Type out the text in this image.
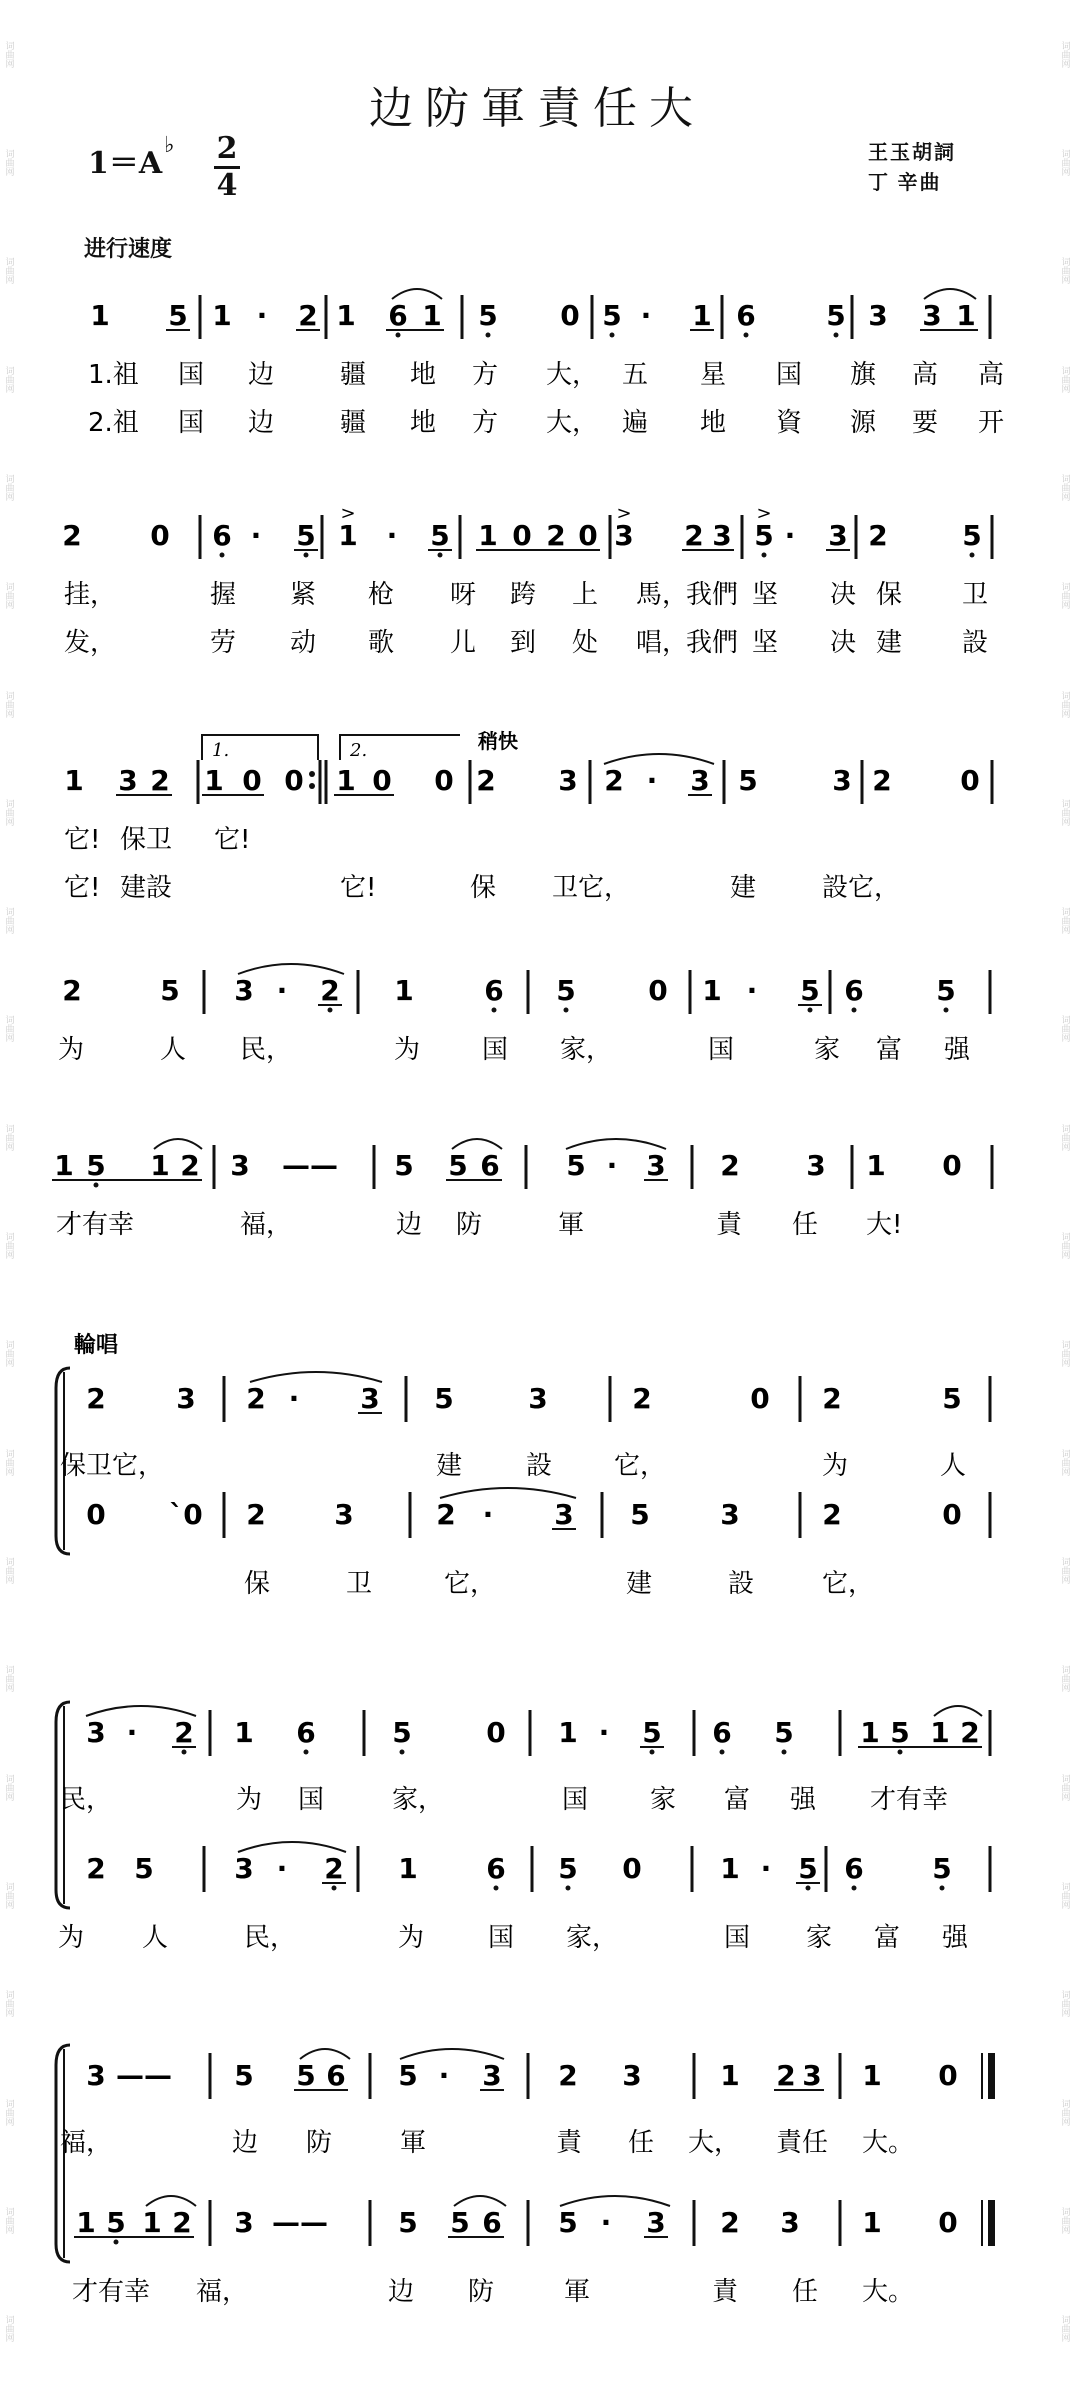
词曲网
词曲网
词曲网
词曲网
词曲网
词曲网
词曲网
词曲网
词曲网
词曲网
词曲网
词曲网
词曲网
词曲网
词曲网
词曲网
词曲网
词曲网
词曲网
词曲网
词曲网
词曲网
词曲网
词曲网
词曲网
词曲网
词曲网
词曲网
词曲网
词曲网
词曲网
词曲网
词曲网
词曲网
词曲网
词曲网
词曲网
词曲网
词曲网
词曲网
词曲网
词曲网
词曲网
词曲网
边防軍責任大
1＝A♭ 2
4
王玉胡詞
丁 辛曲
进行速度
1 5 1 · 2 1 6 1 5 0 5 · 1 6	5 3 3 1
1.祖 国 边	疆 地 方 大， 五 星 国 旗 高 高
2.祖 国 边	疆 地 方 大， 遍 地 資 源 要 开
2 0 6 · 5 1
>
· 5 1 0 2 0 3
>
2 3 5
>
· 3 2	5
挂，	握 紧 枪 呀 跨 上 馬，
我們 坚 决 保 卫
发，	劳 动 歌 儿 到 处 唱，
我們 坚 决 建 設
1 3 2 1 0 0 1 0 0 2 3 2 · 3 5	3 2 0
它! 保卫 它!
它! 建設	它!	保 卫它，	建	設它，
2	5 3 · 2 1	6 5	0 1 · 5 6	5
为	人 民，	为 国 家，	国	家 富 强
1 5 1 2 3 —— 5 5 6 5 · 3 2 3 1 0
才有幸	福，	边 防	軍	責 任 大!
1.	2.	稍快
輪唱
2	3 2 · 3 5	3	2	0 2	5
保卫它，	建 設 它，	为	人
0 `0 2 3	2 · 3 5	3	2	0
保	卫	它，	建	設	它，
3 · 2 1 6	5	0 1 · 5 6 5 1 5 1 2
民，	为 国	家，	国 家 富 强 才有幸
2 5	3 · 2 1 6 5 0	1 · 5 6 5
为 人	民，	为 国 家，	国 家 富 强
3 —— 5 5 6 5 · 3 2 3	1 2 3 1 0
福，	边 防	軍	責 任 大， 責任 大。
1 5 1 2 3 ——	5 5 6 5 · 3 2 3 1 0
才有幸 福，	边 防	軍	責 任 大。
